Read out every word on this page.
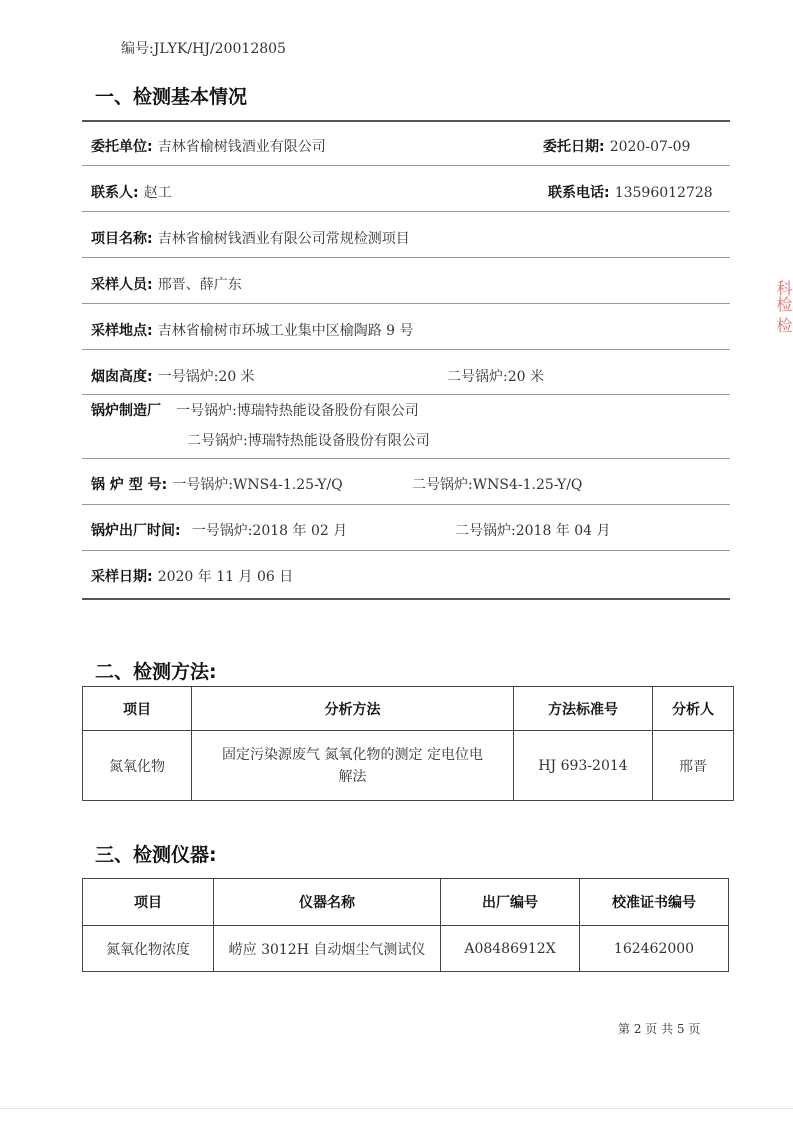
编号:JLYK/HJ/20012805
一、检测基本情况
委托单位: 吉林省榆树钱酒业有限公司	委托日期: 2020-07-09
联系人: 赵工	联系电话: 13596012728
项目名称: 吉林省榆树钱酒业有限公司常规检测项目
采样人员: 邢晋、薛广东
采样地点: 吉林省榆树市环城工业集中区榆陶路 9 号
烟囱高度: 一号锅炉:20 米	二号锅炉:20 米
锅炉制造厂 一号锅炉:博瑞特热能设备股份有限公司
二号锅炉:博瑞特热能设备股份有限公司
锅 炉 型 号: 一号锅炉:WNS4-1.25-Y/Q	二号锅炉:WNS4-1.25-Y/Q
锅炉出厂时间: 一号锅炉:2018 年 02 月	二号锅炉:2018 年 04 月
采样日期: 2020 年 11 月 06 日
二、检测方法:
项目	分析方法	方法标准号	分析人
氮氧化物	固定污染源废气 氮氧化物的测定 定电位电
解法	HJ 693-2014	邢晋
三、检测仪器:
项目	仪器名称	出厂编号	校准证书编号
氮氧化物浓度	崂应 3012H 自动烟尘气测试仪	A08486912X	162462000
第 2 页 共 5 页
科检 检
